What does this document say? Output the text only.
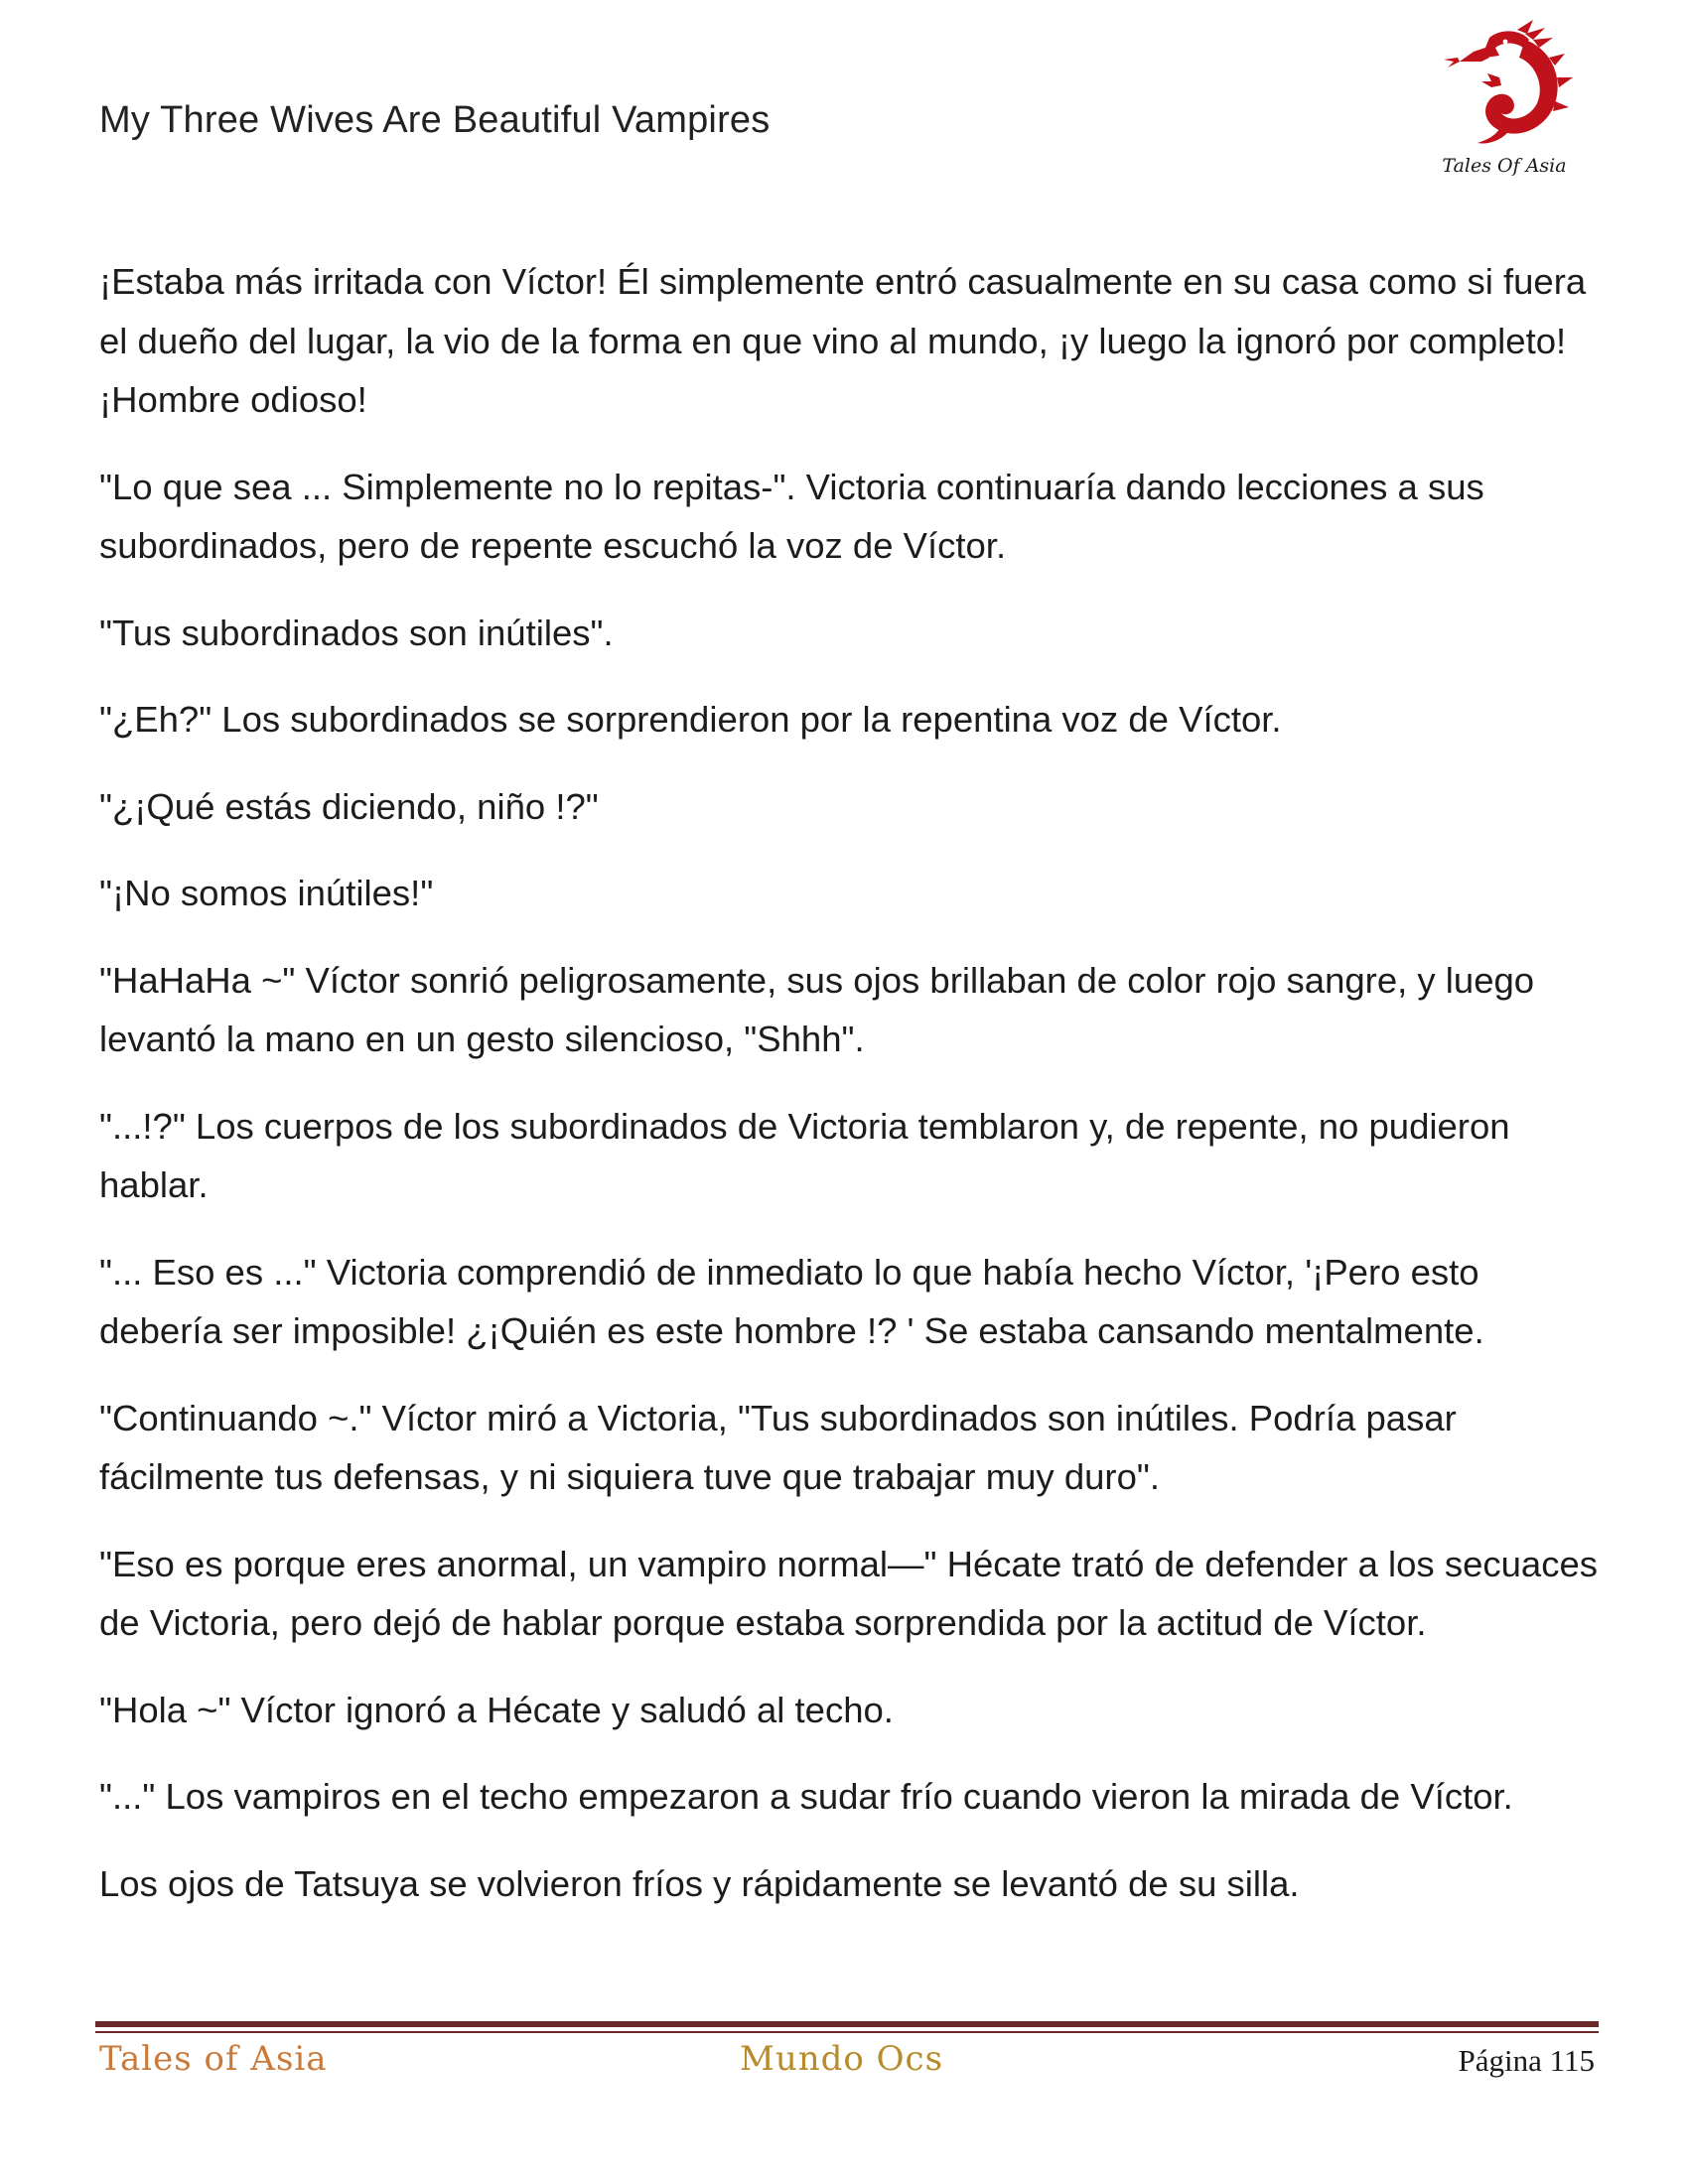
My Three Wives Are Beautiful Vampires
Tales Of Asia

¡Estaba más irritada con Víctor! Él simplemente entró casualmente en su casa como si fuera el dueño del lugar, la vio de la forma en que vino al mundo, ¡y luego la ignoró por completo! ¡Hombre odioso!

"Lo que sea ... Simplemente no lo repitas-". Victoria continuaría dando lecciones a sus subordinados, pero de repente escuchó la voz de Víctor.

"Tus subordinados son inútiles".

"¿Eh?" Los subordinados se sorprendieron por la repentina voz de Víctor.

"¿¡Qué estás diciendo, niño !?"

"¡No somos inútiles!"

"HaHaHa ~" Víctor sonrió peligrosamente, sus ojos brillaban de color rojo sangre, y luego levantó la mano en un gesto silencioso, "Shhh".

"...!?" Los cuerpos de los subordinados de Victoria temblaron y, de repente, no pudieron hablar.

"... Eso es ..." Victoria comprendió de inmediato lo que había hecho Víctor, '¡Pero esto debería ser imposible! ¿¡Quién es este hombre !? ' Se estaba cansando mentalmente.

"Continuando ~." Víctor miró a Victoria, "Tus subordinados son inútiles. Podría pasar fácilmente tus defensas, y ni siquiera tuve que trabajar muy duro".

"Eso es porque eres anormal, un vampiro normal—" Hécate trató de defender a los secuaces de Victoria, pero dejó de hablar porque estaba sorprendida por la actitud de Víctor.

"Hola ~" Víctor ignoró a Hécate y saludó al techo.

"..." Los vampiros en el techo empezaron a sudar frío cuando vieron la mirada de Víctor.

Los ojos de Tatsuya se volvieron fríos y rápidamente se levantó de su silla.

Tales of Asia	Mundo Ocs	Página 115
